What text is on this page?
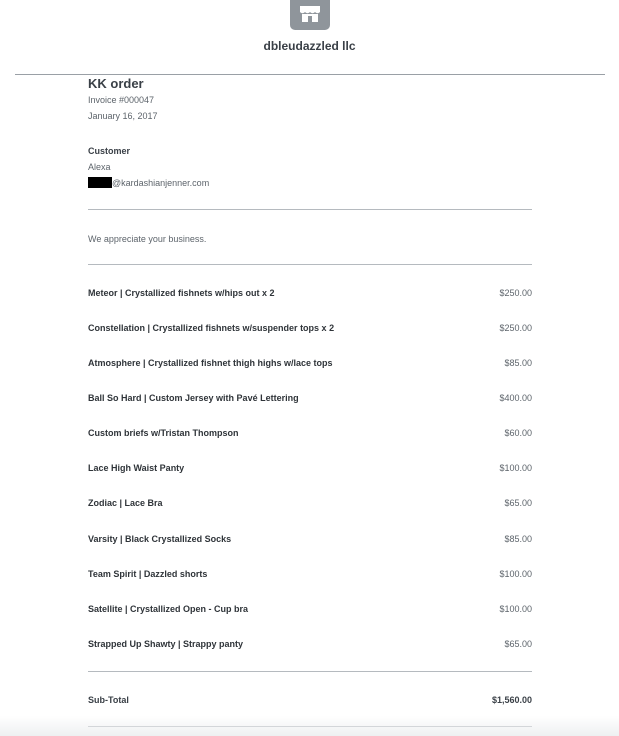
dbleudazzled llc
KK order
Invoice #000047
January 16, 2017
Customer
Alexa
@kardashianjenner.com
We appreciate your business.
Meteor | Crystallized fishnets w/hips out x 2	$250.00
Constellation | Crystallized fishnets w/suspender tops x 2	$250.00
Atmosphere | Crystallized fishnet thigh highs w/lace tops	$85.00
Ball So Hard | Custom Jersey with Pavé Lettering	$400.00
Custom briefs w/Tristan Thompson	$60.00
Lace High Waist Panty	$100.00
Zodiac | Lace Bra	$65.00
Varsity | Black Crystallized Socks	$85.00
Team Spirit | Dazzled shorts	$100.00
Satellite | Crystallized Open - Cup bra	$100.00
Strapped Up Shawty | Strappy panty	$65.00
Sub-Total	$1,560.00
